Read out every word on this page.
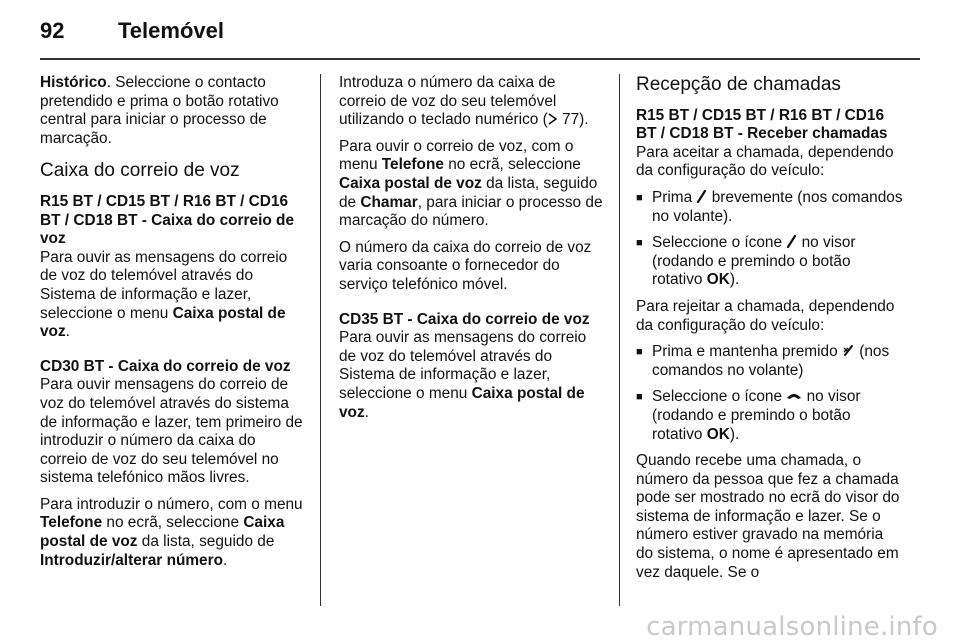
92 Telemóvel

Histórico. Seleccione o contacto pretendido e prima o botão rotativo central para iniciar o processo de marcação.

Caixa do correio de voz
R15 BT / CD15 BT / R16 BT / CD16 BT / CD18 BT - Caixa do correio de voz

Para ouvir as mensagens do correio de voz do telemóvel através do Sistema de informação e lazer, seleccione o menu Caixa postal de voz.

CD30 BT - Caixa do correio de voz

Para ouvir mensagens do correio de voz do telemóvel através do sistema de informação e lazer, tem primeiro de introduzir o número da caixa do correio de voz do seu telemóvel no sistema telefónico mãos livres.

Para introduzir o número, com o menu Telefone no ecrã, seleccione Caixa postal de voz da lista, seguido de Introduzir/alterar número.

Introduza o número da caixa de correio de voz do seu telemóvel utilizando o teclado numérico ( 77).

Para ouvir o correio de voz, com o menu Telefone no ecrã, seleccione Caixa postal de voz da lista, seguido de Chamar, para iniciar o processo de marcação do número.

O número da caixa do correio de voz varia consoante o fornecedor do serviço telefónico móvel.

CD35 BT - Caixa do correio de voz

Para ouvir as mensagens do correio de voz do telemóvel através do Sistema de informação e lazer, seleccione o menu Caixa postal de voz.

Recepção de chamadas
R15 BT / CD15 BT / R16 BT / CD16 BT / CD18 BT - Receber chamadas

Para aceitar a chamada, dependendo da configuração do veículo:

■ Prima  brevemente (nos comandos no volante).
■ Seleccione o ícone  no visor (rodando e premindo o botão rotativo OK).

Para rejeitar a chamada, dependendo da configuração do veículo:

■ Prima e mantenha premido  (nos comandos no volante)
■ Seleccione o ícone  no visor (rodando e premindo o botão rotativo OK).

Quando recebe uma chamada, o número da pessoa que fez a chamada pode ser mostrado no ecrã do visor do sistema de informação e lazer. Se o número estiver gravado na memória do sistema, o nome é apresentado em vez daquele. Se o

carmanualsonline.info
